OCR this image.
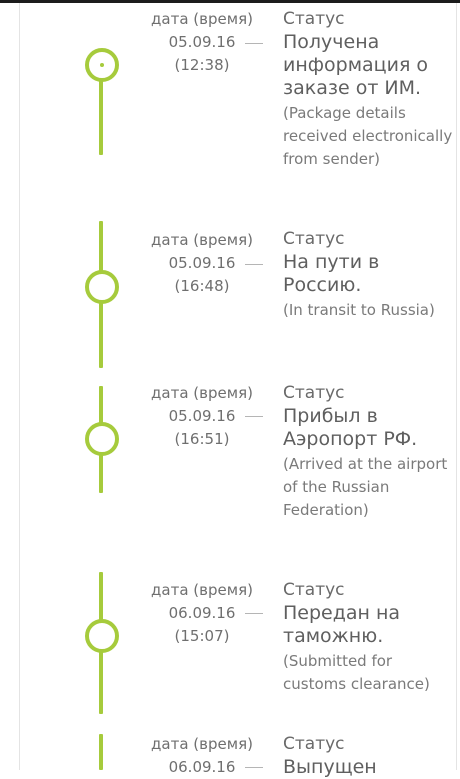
дата (время)
05.09.16
(12:38)
Статус
Получена информация о заказе от ИМ.
(Package details received electronically from sender)
дата (время)
05.09.16
(16:48)
Статус
На пути в Россию.
(In transit to Russia)
дата (время)
05.09.16
(16:51)
Статус
Прибыл в Аэропорт РФ.
(Arrived at the airport of the Russian Federation)
дата (время)
06.09.16
(15:07)
Статус
Передан на таможню.
(Submitted for customs clearance)
дата (время)
06.09.16
Статус
Выпущен
